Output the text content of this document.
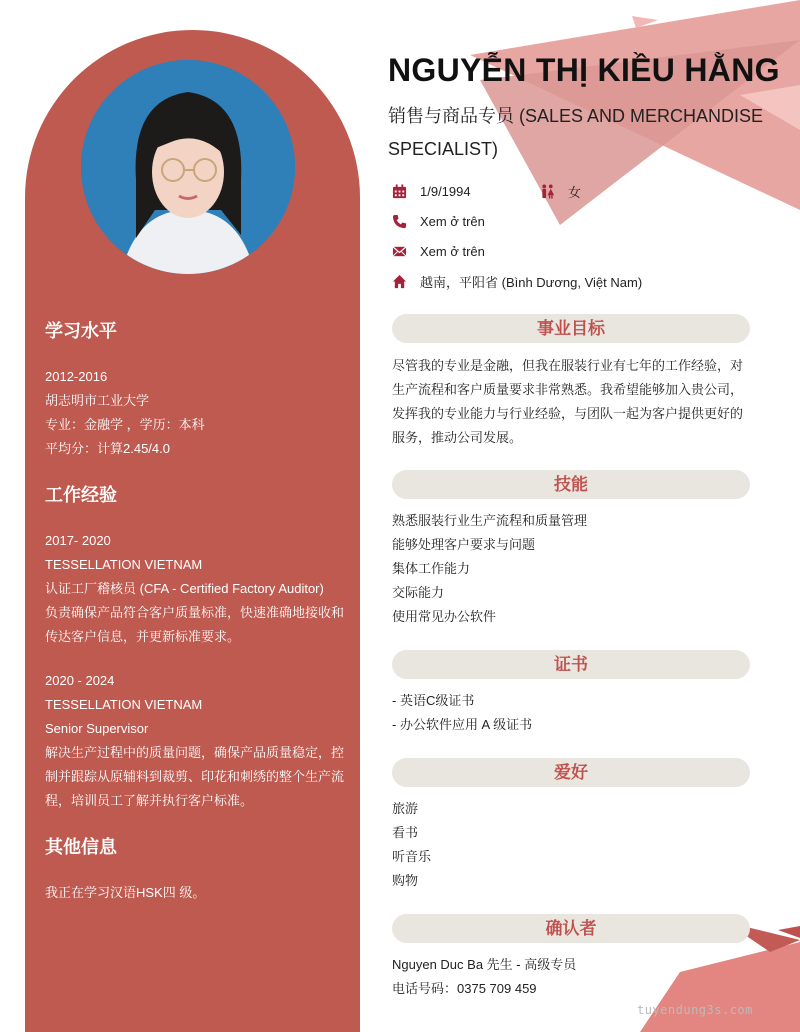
学习水平
2012-2016
胡志明市工业大学
专业：金融学 ，学历：本科
平均分：计算2.45/4.0
工作经验
2017- 2020
TESSELLATION VIETNAM
认证工厂稽核员 (CFA - Certified Factory Auditor)
负责确保产品符合客户质量标准，快速准确地接收和
传达客户信息，并更新标准要求。
2020 - 2024
TESSELLATION VIETNAM
Senior Supervisor
解决生产过程中的质量问题，确保产品质量稳定，控
制并跟踪从原辅料到裁剪、印花和刺绣的整个生产流
程，培训员工了解并执行客户标准。
其他信息
我正在学习汉语HSK四 级。
NGUYỄN THỊ KIỀU HẰNG
销售与商品专员 (SALES AND MERCHANDISE SPECIALIST)
1/9/1994	女
Xem ở trên
Xem ở trên
越南，平阳省 (Bình Dương, Việt Nam)
事业目标
尽管我的专业是金融，但我在服装行业有七年的工作经验，对
生产流程和客户质量要求非常熟悉。我希望能够加入贵公司，
发挥我的专业能力与行业经验，与团队一起为客户提供更好的
服务，推动公司发展。
技能
熟悉服装行业生产流程和质量管理
能够处理客户要求与问题
集体工作能力
交际能力
使用常见办公软件
证书
- 英语C级证书
- 办公软件应用 A 级证书
爱好
旅游
看书
听音乐
购物
确认者
Nguyen Duc Ba 先生 - 高级专员
电话号码：0375 709 459
tuyendung3s.com
